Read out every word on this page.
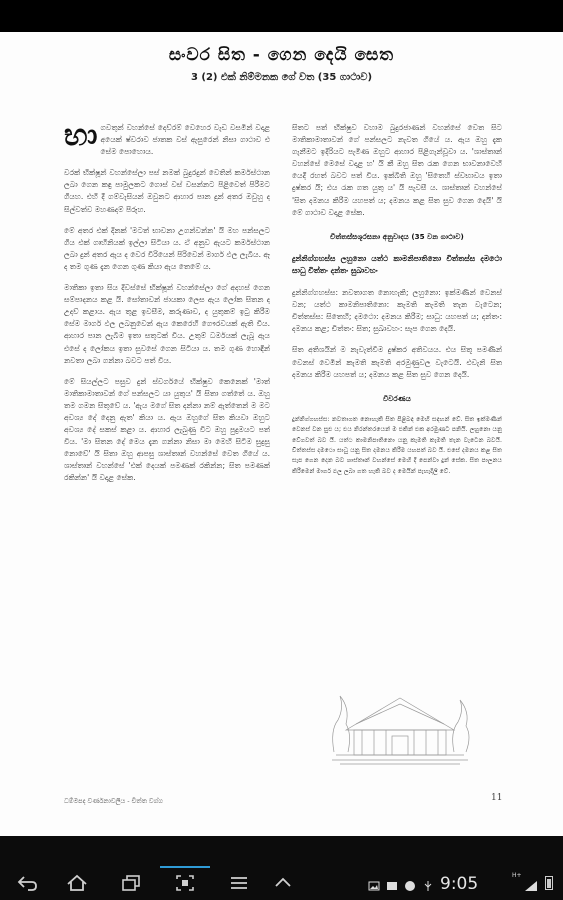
සංවර සිත - ගෙන දෙයි සෙත
3 (2) එක් නිම්මනක ගේ වත (35 ගාථාව)

භා ගවතුන් වහන්සේ දෙව්රම් වෙහෙර වැඩ වසමින් වදාළ අයෙක් ෂ්වරාව ජාතක වස් ඇසුරෙන් නිසා ගාථාව එ සේම පොහොය.

වරක් භික්ෂූන් වහන්සේලා පස් නමක් බුදුරදුන් වෙතින් කර්මස්ථාන ලබා ගෙන කඳු පාමුලකට ගොස් වස් වසන්නට පිළිවෙත් පිරීමට ගියහ. එහි දී ගම්වැසියන් ඔවුනට ආහාර පාන දුන් අතර ඔවුහු ද සිල්වත්ව මහණදම් පිරූහ.

මේ අතර එක් දිනක් 'මටත් භාවනා උගන්වන්න' යි මහ පන්සලට ගිය එක් ගෘහිනියක් ඉල්ලා සිටියා ය. ඒ අනුව ඇයට කර්මස්ථාන ලබා දුන් අතර ඇය ද වෙර වීරියෙන් පිරිවෙන් මාර්ග ඵල ලැබීය. ඈ ද තම ගුණ දැන ගෙන ගුණ කියා ඇය තෙමේ ය.

මාතිකා ඉතා සිය දිවස්සේ භික්ෂූන් වහන්සේලා ගේ අදහස් ගෙන සම්පාදනය කළ යි. සෝතාවන් ජායකා ලෙස ඇය ලෝක සිතන ද උදව් කළාය. ඇය තුළ ඉවසීම, කරුණාව, ද යුතුකම් ඉටු කිරීම සේම මාර්ග ඵල ලබනුවෙන් ඇය කෙරෙහි ගෞරවයක් ඇති විය. ආහාර පාන ලැබීම ඉතා සතුටක් විය. උතුම් ධර්මයක් ලැබූ ඇය එසේ ද ලෝකය ඉතා සුවසේ ගෙන සිටියා ය. තම ගුණ හොඳින් නවතා ලබා ගන්නා බවට පත් විය.

මේ සියල්ලට පසුව දුන් ස්වර්ගයේ භික්ෂුව කෙනෙක් 'මාත් මාතිකාමාතාවන් ගේ පන්සලට යා යුතුය' යි සිතා ගත්තේ ය. ඔහු තම ගමන සිතුවේ ය. 'ඇය මගේ සිත දන්නා නම් ඇත්තෙන් ම මට අවශ්‍ය දේ දෙනු ඇත' කියා ය. ඇය ඔහුගේ සිත කියවා ඔහුට අවශ්‍ය දේ සකස් කළා ය. ආහාර ලැබුණු විට ඔහු පුදුමයට පත් විය. 'මා සිතන දේ මෙය දැන ගන්නා නිසා මා මෙහි සිටීම සුදුසු නොවේ' යි සිතා ඔහු ආපසු ශාස්තෘන් වහන්සේ වෙත ගියේ ය. ශාස්තෘන් වහන්සේ 'එක් දෙයක් පමණක් රකින්න; සිත පමණක් රකින්න' යි වදාළ සේක.

සිතට පත් භික්ෂුව වහාම බුදුරජාණන් වහන්සේ වෙත සිට මාතිකාමාතාවන් ගේ පන්සලට නැවත ගියේ ය. ඇය ඔහු දැක ගැනීමට ඉදිරියට පැමිණ ඔහුට ආහාර පිළිගැන්වූවා ය. 'ශාස්තෘන් වහන්සේ මෙසේ වදාළ හ' යි කී ඔහු සිත රැක ගෙන භාවනාවෙහි යෙදී රහත් බවට පත් විය. ඉක්බිති ඔහු 'සිතෙහි ස්වභාවය ඉතා දුෂ්කර යි; එය රැක ගත යුතු ය' යි පැවසී ය. ශාස්තෘන් වහන්සේ 'සිත දමනය කිරීම යහපත් ය; දමනය කළ සිත සුව ගෙන දෙයි' යි මේ ගාථාව වදාළ සේක.

චිත්තස්සශූරසනා අනුවාදය (35 වන ගාථාව)
දුන්නිග්ගහස්ස ලහුනො යත්ථ කාමනිපාතිනො චිත්තස්ස දමථො සාධු චිත්තං දන්තං සුඛාවහං

දුන්නිග්ගහස්ස: නවතාගත නොහැකි; ලහුනො: ඉක්මණින් වෙනස් වන; යත්ථ කාමනිපාතිනො: කැමති කැමති තැන වැටෙන; චිත්තස්ස: සිතෙහි; දමථො: දමනය කිරීම; සාධු: යහපත් ය; දන්තං: දමනය කළ; චිත්තං: සිත; සුඛාවහං: සැප ගෙන දෙයි.

සිත අතිශයින් ම නැවැත්වීම දුෂ්කර අතිවයය. එය සිතූ පමණින් වෙනස් වෙමින් කැමති කැමති අරමුණුවල වැටෙයි. එවැනි සිත දමනය කිරීම යහපත් ය; දමනය කළ සිත සුව ගෙන දෙයි.

විවරණය

දුන්නිග්ගහස්ස: නවතාගත නොහැකි සිත පිළිබඳ මෙහි සඳහන් වේ. සිත ඉක්මණින් වෙනස් වන සුළු ය; එය නිරන්තරයෙන් ම එකින් එක අරමුණට පනියි. ලහුනො යනු වේගවත් බව යි. යත්ථ කාමනිපාතිනො යනු කැමති කැමති තැන වැටෙන බවයි. චිත්තස්ස දමථො සාධු යනු සිත දමනය කිරීම යහපත් බව යි. එසේ දමනය කළ සිත සැප ගෙන දෙන බව ශාස්තෘන් වහන්සේ මෙහි දී පෙන්වා දුන් සේක. සිත පාලනය කිරීමෙන් මාර්ග ඵල ලබා ගත හැකි බව ද මෙයින් පැහැදිලි වේ.

ධම්මපද වර්ණනාවලිය - චිත්ත වග්ග	11
9:05	H+
